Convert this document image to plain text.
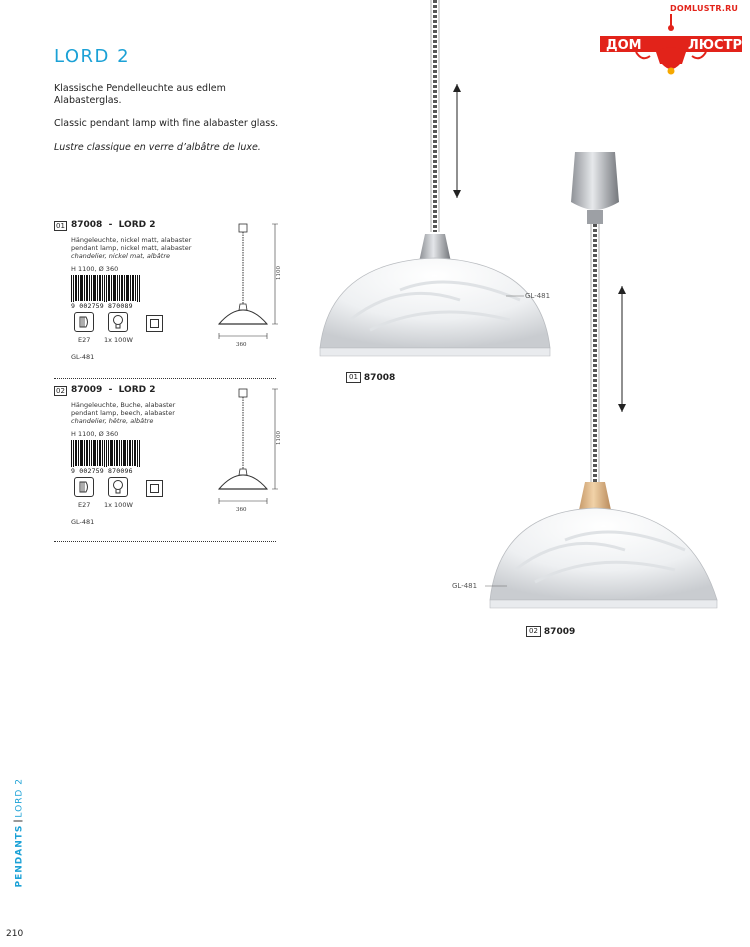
DOMLUSTR.RU
ДОМ	ЛЮСТР
LORD 2
Klassische Pendelleuchte aus edlem Alabasterglas.
Classic pendant lamp with fine alabaster glass.
Lustre classique en verre d’albâtre de luxe.
01 87008 - LORD 2
Hängeleuchte, nickel matt, alabaster
pendant lamp, nickel matt, alabaster
chandelier, nickel mat, albâtre
H 1100, Ø 360
9 002759 870089
E27 1x 100W
GL-481
1100
360
02 87009 - LORD 2
Hängeleuchte, Buche, alabaster
pendant lamp, beech, alabaster
chandelier, hêtre, albâtre
H 1100, Ø 360
9 002759 870096
E27 1x 100W
GL-481
1100
360
GL-481
01 87008
GL-481
02 87009
PENDANTSLORD 2
210
